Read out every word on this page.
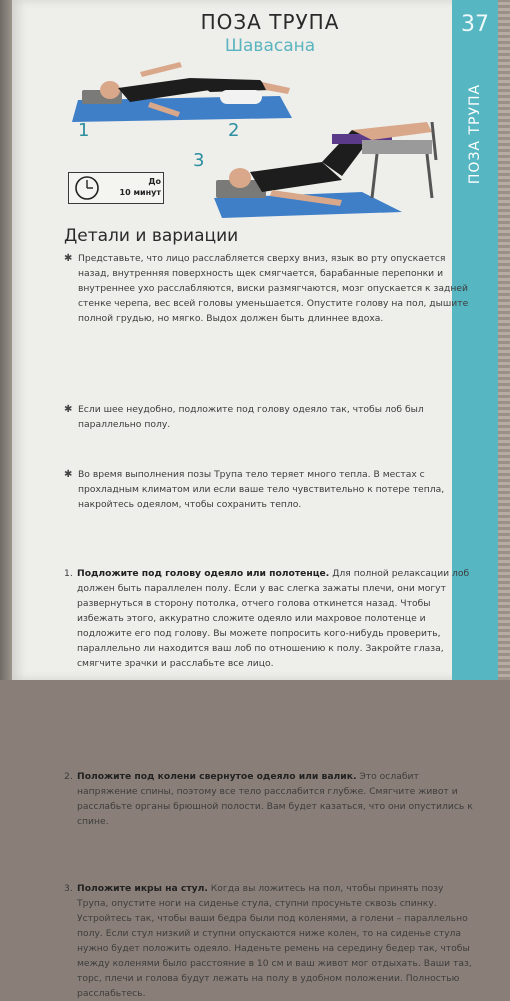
37
ПОЗА ТРУПА
ПОЗА ТРУПА
Шавасана
1	2
3
До
10 минут
Детали и вариации
✱ Представьте, что лицо расслабляется сверху вниз, язык во рту опускается назад, внутренняя поверхность щек смягчается, барабанные перепонки и внутреннее ухо расслабляются, виски размягчаются, мозг опускается к задней стенке черепа, вес всей головы уменьшается. Опустите голову на пол, дышите полной грудью, но мягко. Выдох должен быть длиннее вдоха.
✱ Если шее неудобно, подложите под голову одеяло так, чтобы лоб был параллельно полу.
✱ Во время выполнения позы Трупа тело теряет много тепла. В местах с прохладным климатом или если ваше тело чувствительно к потере тепла, накройтесь одеялом, чтобы сохранить тепло.
1. Подложите под голову одеяло или полотенце. Для полной релаксации лоб должен быть параллелен полу. Если у вас слегка зажаты плечи, они могут развернуться в сторону потолка, отчего голова откинется назад. Чтобы избежать этого, аккуратно сложите одеяло или махровое полотенце и подложите его под голову. Вы можете попросить кого-нибудь проверить, параллельно ли находится ваш лоб по отношению к полу. Закройте глаза, смягчите зрачки и расслабьте все лицо.
2. Положите под колени свернутое одеяло или валик. Это ослабит напряжение спины, поэтому все тело расслабится глубже. Смягчите живот и расслабьте органы брюшной полости. Вам будет казаться, что они опустились к спине.
3. Положите икры на стул. Когда вы ложитесь на пол, чтобы принять позу Трупа, опустите ноги на сиденье стула, ступни просуньте сквозь спинку. Устройтесь так, чтобы ваши бедра были под коленями, а голени – параллельно полу. Если стул низкий и ступни опускаются ниже колен, то на сиденье стула нужно будет положить одеяло. Наденьте ремень на середину бедер так, чтобы между коленями было расстояние в 10 см и ваш живот мог отдыхать. Ваши таз, торс, плечи и голова будут лежать на полу в удобном положении. Полностью расслабьтесь.
